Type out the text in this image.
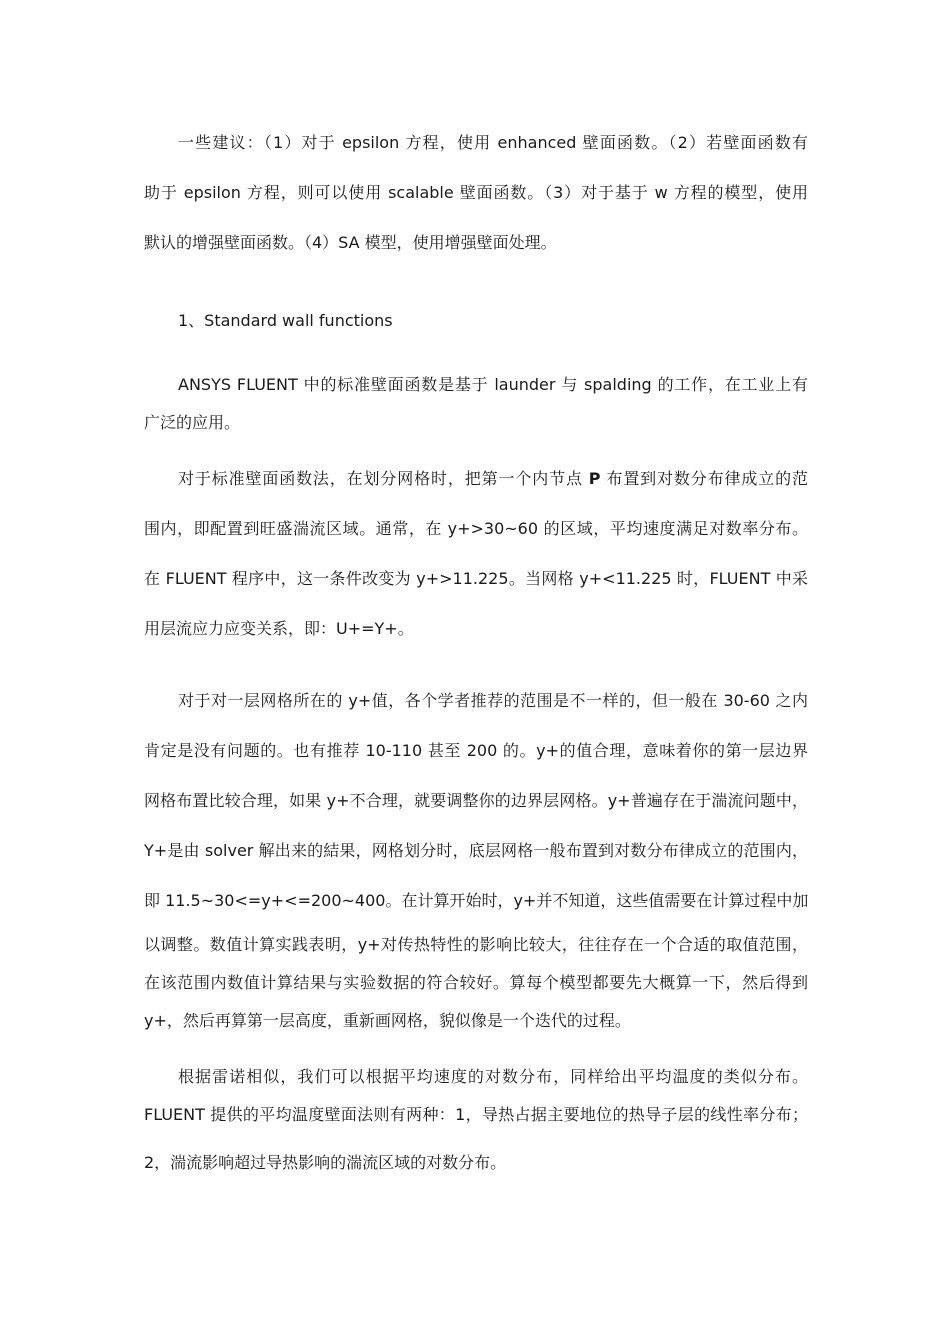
一些建议：（1）对于 epsilon 方程，使用 enhanced 壁面函数。（2）若壁面函数有

助于 epsilon 方程，则可以使用 scalable 壁面函数。（3）对于基于 w 方程的模型，使用

默认的增强壁面函数。（4）SA 模型，使用增强壁面处理。

1、Standard wall functions

ANSYS FLUENT 中的标准壁面函数是基于 launder 与 spalding 的工作，在工业上有

广泛的应用。

对于标准壁面函数法，在划分网格时，把第一个内节点 P 布置到对数分布律成立的范

围内，即配置到旺盛湍流区域。通常，在 y+>30~60 的区域，平均速度满足对数率分布。

在 FLUENT 程序中，这一条件改变为 y+>11.225。当网格 y+<11.225 时，FLUENT 中采

用层流应力应变关系，即：U+=Y+。

对于对一层网格所在的 y+值，各个学者推荐的范围是不一样的，但一般在 30-60 之内

肯定是没有问题的。也有推荐 10-110 甚至 200 的。y+的值合理，意味着你的第一层边界

网格布置比较合理，如果 y+不合理，就要调整你的边界层网格。y+普遍存在于湍流问题中，

Y+是由 solver 解出来的結果，网格划分时，底层网格一般布置到对数分布律成立的范围内，

即 11.5~30<=y+<=200~400。在计算开始时，y+并不知道，这些值需要在计算过程中加

以调整。数值计算实践表明，y+对传热特性的影响比较大，往往存在一个合适的取值范围，

在该范围内数值计算结果与实验数据的符合较好。算每个模型都要先大概算一下，然后得到

y+，然后再算第一层高度，重新画网格，貌似像是一个迭代的过程。

根据雷诺相似，我们可以根据平均速度的对数分布，同样给出平均温度的类似分布。

FLUENT 提供的平均温度壁面法则有两种：1，导热占据主要地位的热导子层的线性率分布；

2，湍流影响超过导热影响的湍流区域的对数分布。
